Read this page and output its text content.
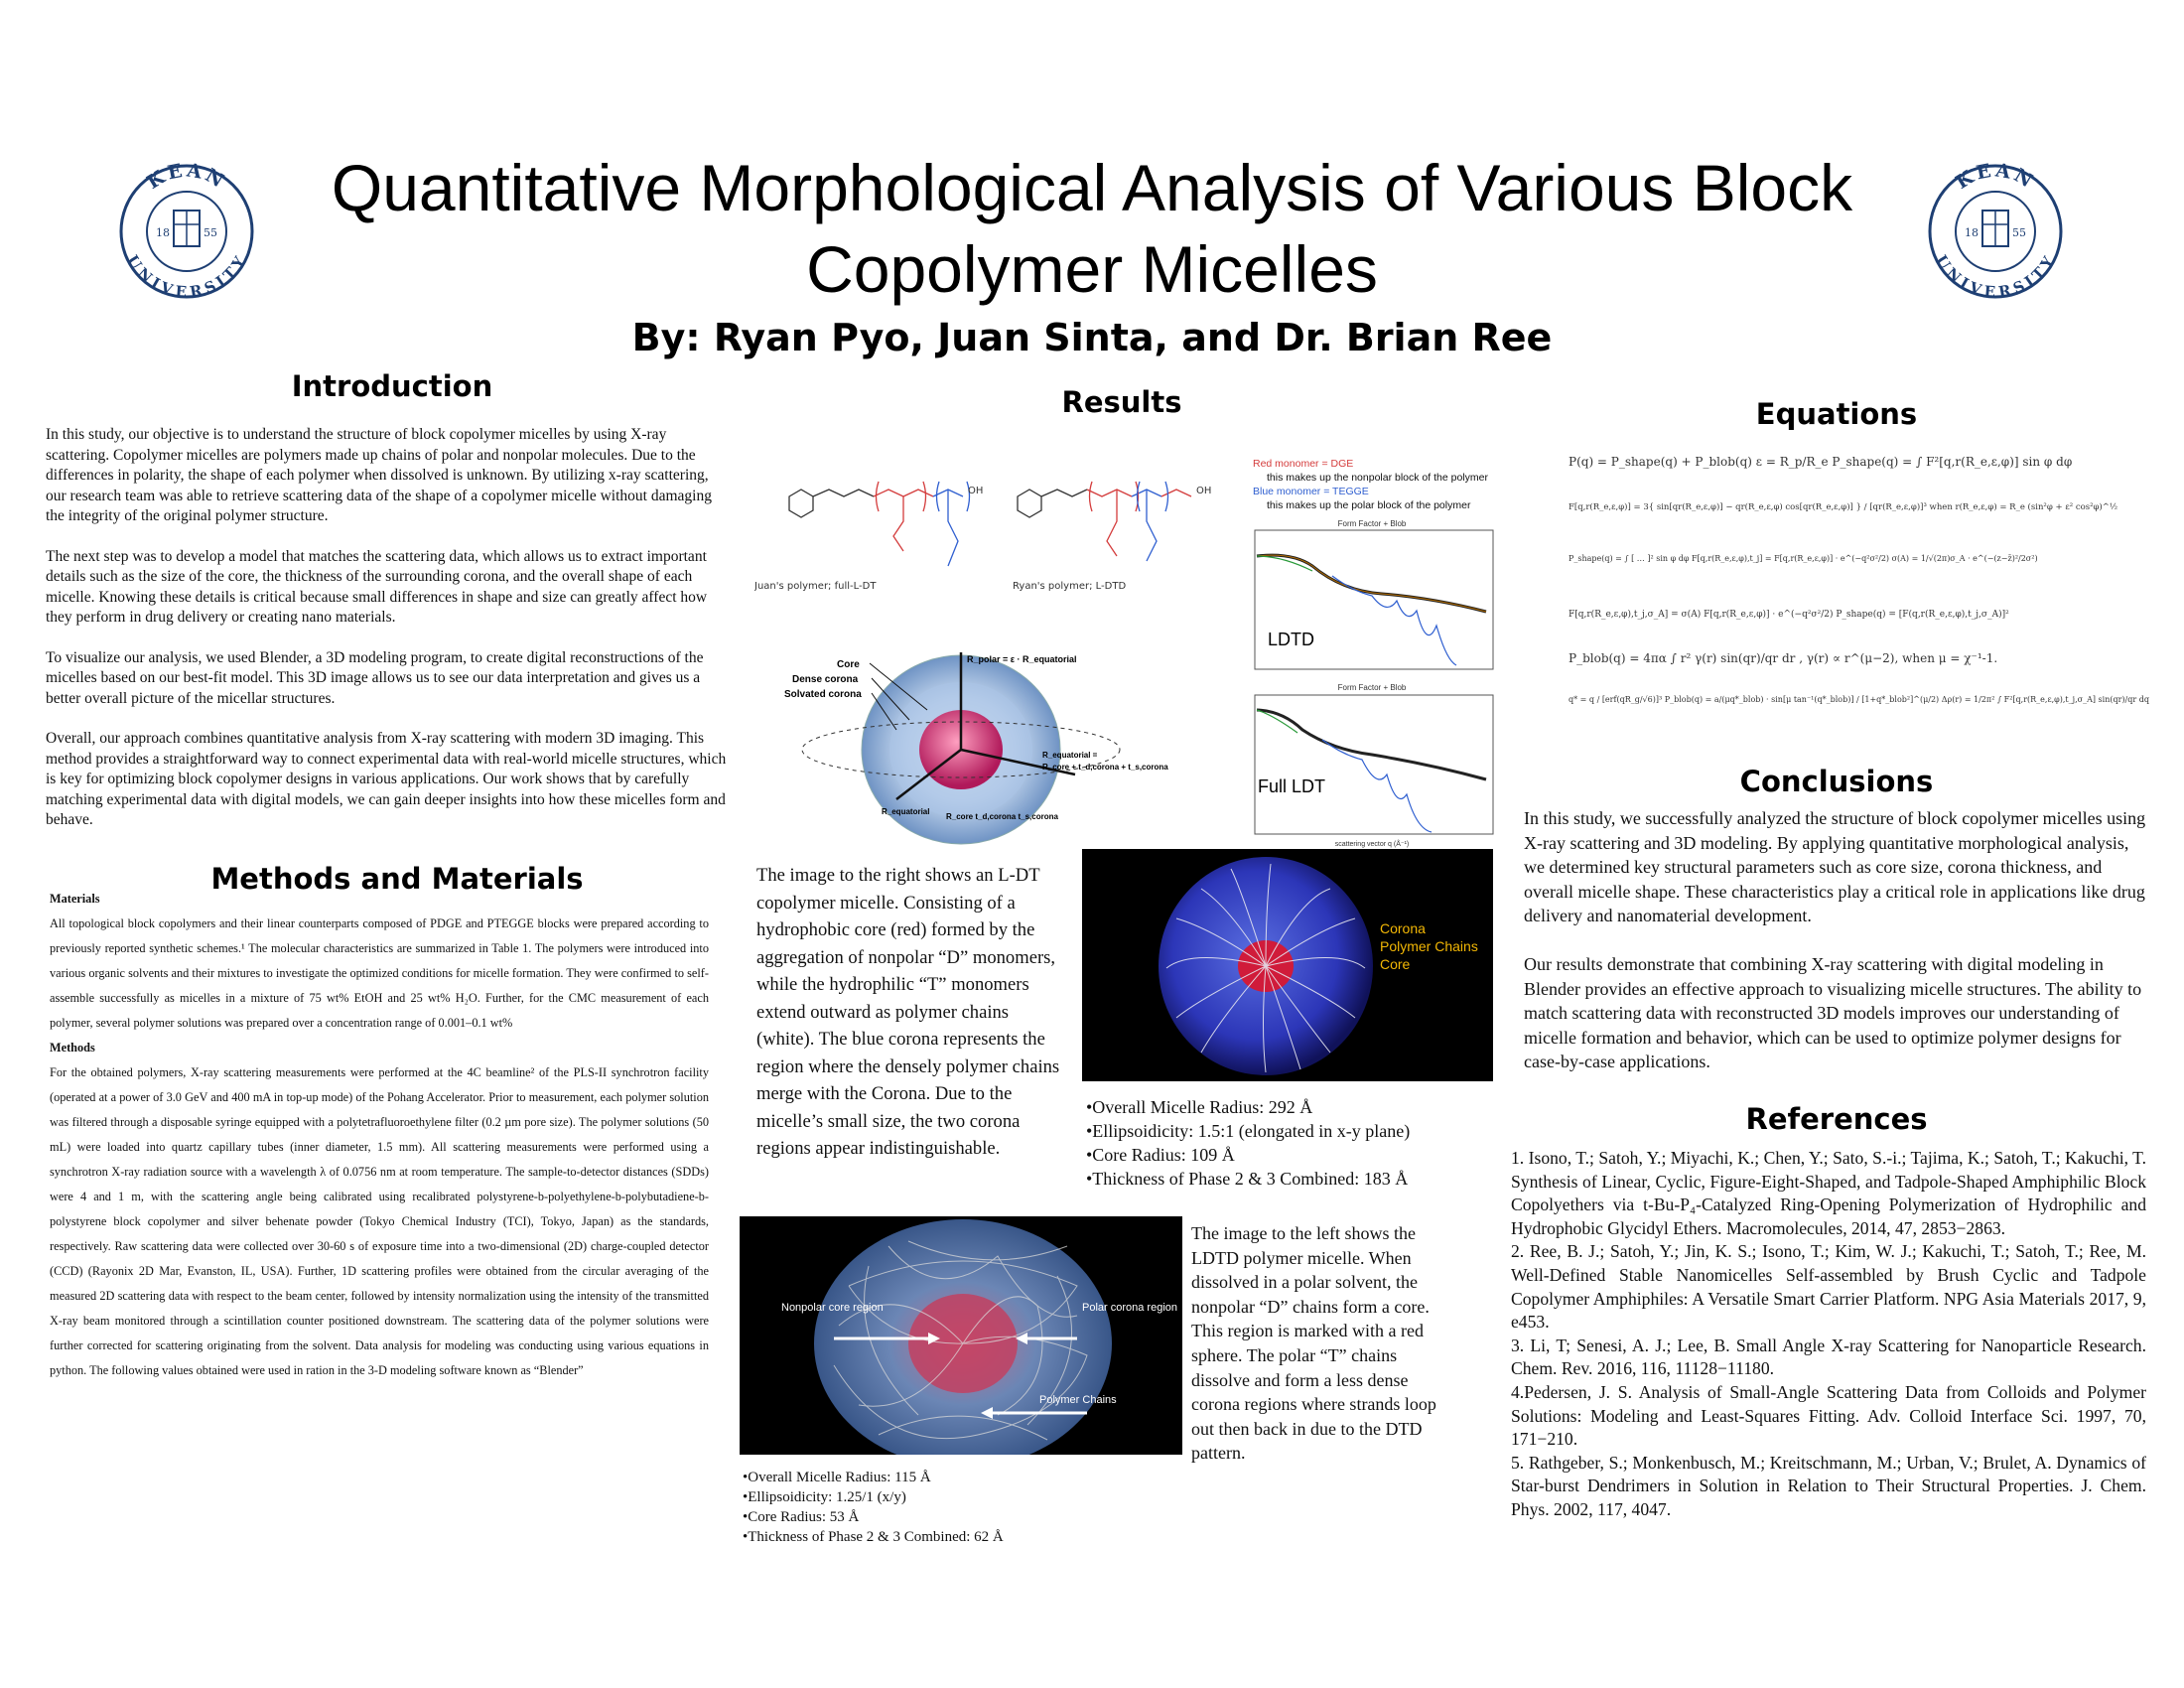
KEAN
UNIVERSITY
18	55
KEAN
UNIVERSITY
18	55
Quantitative Morphological Analysis of Various Block Copolymer Micelles
By: Ryan Pyo, Juan Sinta, and Dr. Brian Ree
Introduction

In this study, our objective is to understand the structure of block copolymer micelles by using X-ray scattering. Copolymer micelles are polymers made up chains of polar and nonpolar molecules. Due to the differences in polarity, the shape of each polymer when dissolved is unknown. By utilizing x-ray scattering, our research team was able to retrieve scattering data of the shape of a copolymer micelle without damaging the integrity of the original polymer structure.

The next step was to develop a model that matches the scattering data, which allows us to extract important details such as the size of the core, the thickness of the surrounding corona, and the overall shape of each micelle. Knowing these details is critical because small differences in shape and size can greatly affect how they perform in drug delivery or creating nano materials.

To visualize our analysis, we used Blender, a 3D modeling program, to create digital reconstructions of the micelles based on our best-fit model. This 3D image allows us to see our data interpretation and gives us a better overall picture of the micellar structures.

Overall, our approach combines quantitative analysis from X-ray scattering with modern 3D imaging. This method provides a straightforward way to connect experimental data with real-world micelle structures, which is key for optimizing block copolymer designs in various applications. Our work shows that by carefully matching experimental data with digital models, we can gain deeper insights into how these micelles form and behave.

Methods and Materials
Materials
All topological block copolymers and their linear counterparts composed of PDGE and PTEGGE blocks were prepared according to previously reported synthetic schemes.¹ The molecular characteristics are summarized in Table 1. The polymers were introduced into various organic solvents and their mixtures to investigate the optimized conditions for micelle formation. They were confirmed to self-assemble successfully as micelles in a mixture of 75 wt% EtOH and 25 wt% H₂O. Further, for the CMC measurement of each polymer, several polymer solutions was prepared over a concentration range of 0.001–0.1 wt%
Methods
For the obtained polymers, X-ray scattering measurements were performed at the 4C beamline² of the PLS-II synchrotron facility (operated at a power of 3.0 GeV and 400 mA in top-up mode) of the Pohang Accelerator. Prior to measurement, each polymer solution was filtered through a disposable syringe equipped with a polytetrafluoroethylene filter (0.2 µm pore size). The polymer solutions (50 mL) were loaded into quartz capillary tubes (inner diameter, 1.5 mm). All scattering measurements were performed using a synchrotron X-ray radiation source with a wavelength λ of 0.0756 nm at room temperature. The sample-to-detector distances (SDDs) were 4 and 1 m, with the scattering angle being calibrated using recalibrated polystyrene-b-polyethylene-b-polybutadiene-b-polystyrene block copolymer and silver behenate powder (Tokyo Chemical Industry (TCI), Tokyo, Japan) as the standards, respectively. Raw scattering data were collected over 30-60 s of exposure time into a two-dimensional (2D) charge-coupled detector (CCD) (Rayonix 2D Mar, Evanston, IL, USA). Further, 1D scattering profiles were obtained from the circular averaging of the measured 2D scattering data with respect to the beam center, followed by intensity normalization using the intensity of the transmitted X-ray beam monitored through a scintillation counter positioned downstream. The scattering data of the polymer solutions were further corrected for scattering originating from the solvent. Data analysis for modeling was conducting using various equations in python. The following values obtained were used in ration in the 3-D modeling software known as “Blender”
Results
OH	OH
Juan's polymer; full-L-DT	Ryan's polymer; L-DTD
Red monomer = DGE
this makes up the nonpolar block of the polymer
Blue monomer = TEGGE
this makes up the polar block of the polymer
Core
Dense corona
Solvated corona
R_polar = ε · R_equatorial
R_equatorial =
R_core + t_d,corona + t_s,corona
R_equatorial
R_core t_d,corona t_s,corona
Form Factor + Blob
LDTD
Form Factor + Blob
Full LDT
scattering vector q (Å⁻¹)
The image to the right shows an L-DT copolymer micelle. Consisting of a hydrophobic core (red) formed by the aggregation of nonpolar “D” monomers, while the hydrophilic “T” monomers extend outward as polymer chains (white). The blue corona represents the region where the densely polymer chains merge with the Corona. Due to the micelle’s small size, the two corona regions appear indistinguishable.
Corona
Polymer Chains
Core
•Overall Micelle Radius: 292 Å
•Ellipsoidicity: 1.5:1 (elongated in x-y plane)
•Core Radius: 109 Å
•Thickness of Phase 2 & 3 Combined: 183 Å
Nonpolar core region	Polar corona region
Polymer Chains
•Overall Micelle Radius: 115 Å
•Ellipsoidicity: 1.25/1 (x/y)
•Core Radius: 53 Å
•Thickness of Phase 2 & 3 Combined: 62 Å
The image to the left shows the LDTD polymer micelle. When dissolved in a polar solvent, the nonpolar “D” chains form a core. This region is marked with a red sphere. The polar “T” chains dissolve and form a less dense corona regions where strands loop out then back in due to the DTD pattern.
Equations
P(q) = P_shape(q) + P_blob(q) ε = R_p/R_e P_shape(q) = ∫ F²[q,r(R_e,ε,φ)] sin φ dφ
F[q,r(R_e,ε,φ)] = 3{ sin[qr(R_e,ε,φ)] − qr(R_e,ε,φ) cos[qr(R_e,ε,φ)] } / [qr(R_e,ε,φ)]³ when r(R_e,ε,φ) = R_e (sin²φ + ε² cos²φ)^½
P_shape(q) = ∫ [ … ]² sin φ dφ F[q,r(R_e,ε,φ),t_j] = F[q,r(R_e,ε,φ)] · e^(−q²σ²/2) σ(A) = 1/√(2π)σ_A · e^(−(z−z̄)²/2σ²)
F[q,r(R_e,ε,φ),t_j,σ_A] = σ(A) F[q,r(R_e,ε,φ)] · e^(−q²σ²/2) P_shape(q) = [F(q,r(R_e,ε,φ),t_j,σ_A)]²
P_blob(q) = 4πα ∫ r² γ(r) sin(qr)/qr dr , γ(r) ∝ r^(μ−2), when μ = χ⁻¹-1.
q* = q / [erf(qR_g/√6)]³ P_blob(q) = a/(μq*_blob) · sin[μ tan⁻¹(q*_blob)] / [1+q*_blob²]^(μ/2) Δρ(r) = 1/2π² ∫ F²[q,r(R_e,ε,φ),t_j,σ_A] sin(qr)/qr dq
Conclusions

In this study, we successfully analyzed the structure of block copolymer micelles using X-ray scattering and 3D modeling. By applying quantitative morphological analysis, we determined key structural parameters such as core size, corona thickness, and overall micelle shape. These characteristics play a critical role in applications like drug delivery and nanomaterial development.

Our results demonstrate that combining X-ray scattering with digital modeling in Blender provides an effective approach to visualizing micelle structures. The ability to match scattering data with reconstructed 3D models improves our understanding of micelle formation and behavior, which can be used to optimize polymer designs for case-by-case applications.

References
1. Isono, T.; Satoh, Y.; Miyachi, K.; Chen, Y.; Sato, S.-i.; Tajima, K.; Satoh, T.; Kakuchi, T. Synthesis of Linear, Cyclic, Figure-Eight-Shaped, and Tadpole-Shaped Amphiphilic Block Copolyethers via t-Bu-P₄-Catalyzed Ring-Opening Polymerization of Hydrophilic and Hydrophobic Glycidyl Ethers. Macromolecules, 2014, 47, 2853−2863.
2. Ree, B. J.; Satoh, Y.; Jin, K. S.; Isono, T.; Kim, W. J.; Kakuchi, T.; Satoh, T.; Ree, M. Well-Defined Stable Nanomicelles Self-assembled by Brush Cyclic and Tadpole Copolymer Amphiphiles: A Versatile Smart Carrier Platform. NPG Asia Materials 2017, 9, e453.
3. Li, T; Senesi, A. J.; Lee, B. Small Angle X-ray Scattering for Nanoparticle Research. Chem. Rev. 2016, 116, 11128−11180.
4.Pedersen, J. S. Analysis of Small-Angle Scattering Data from Colloids and Polymer Solutions: Modeling and Least-Squares Fitting. Adv. Colloid Interface Sci. 1997, 70, 171−210.
5. Rathgeber, S.; Monkenbusch, M.; Kreitschmann, M.; Urban, V.; Brulet, A. Dynamics of Star-burst Dendrimers in Solution in Relation to Their Structural Properties. J. Chem. Phys. 2002, 117, 4047.
